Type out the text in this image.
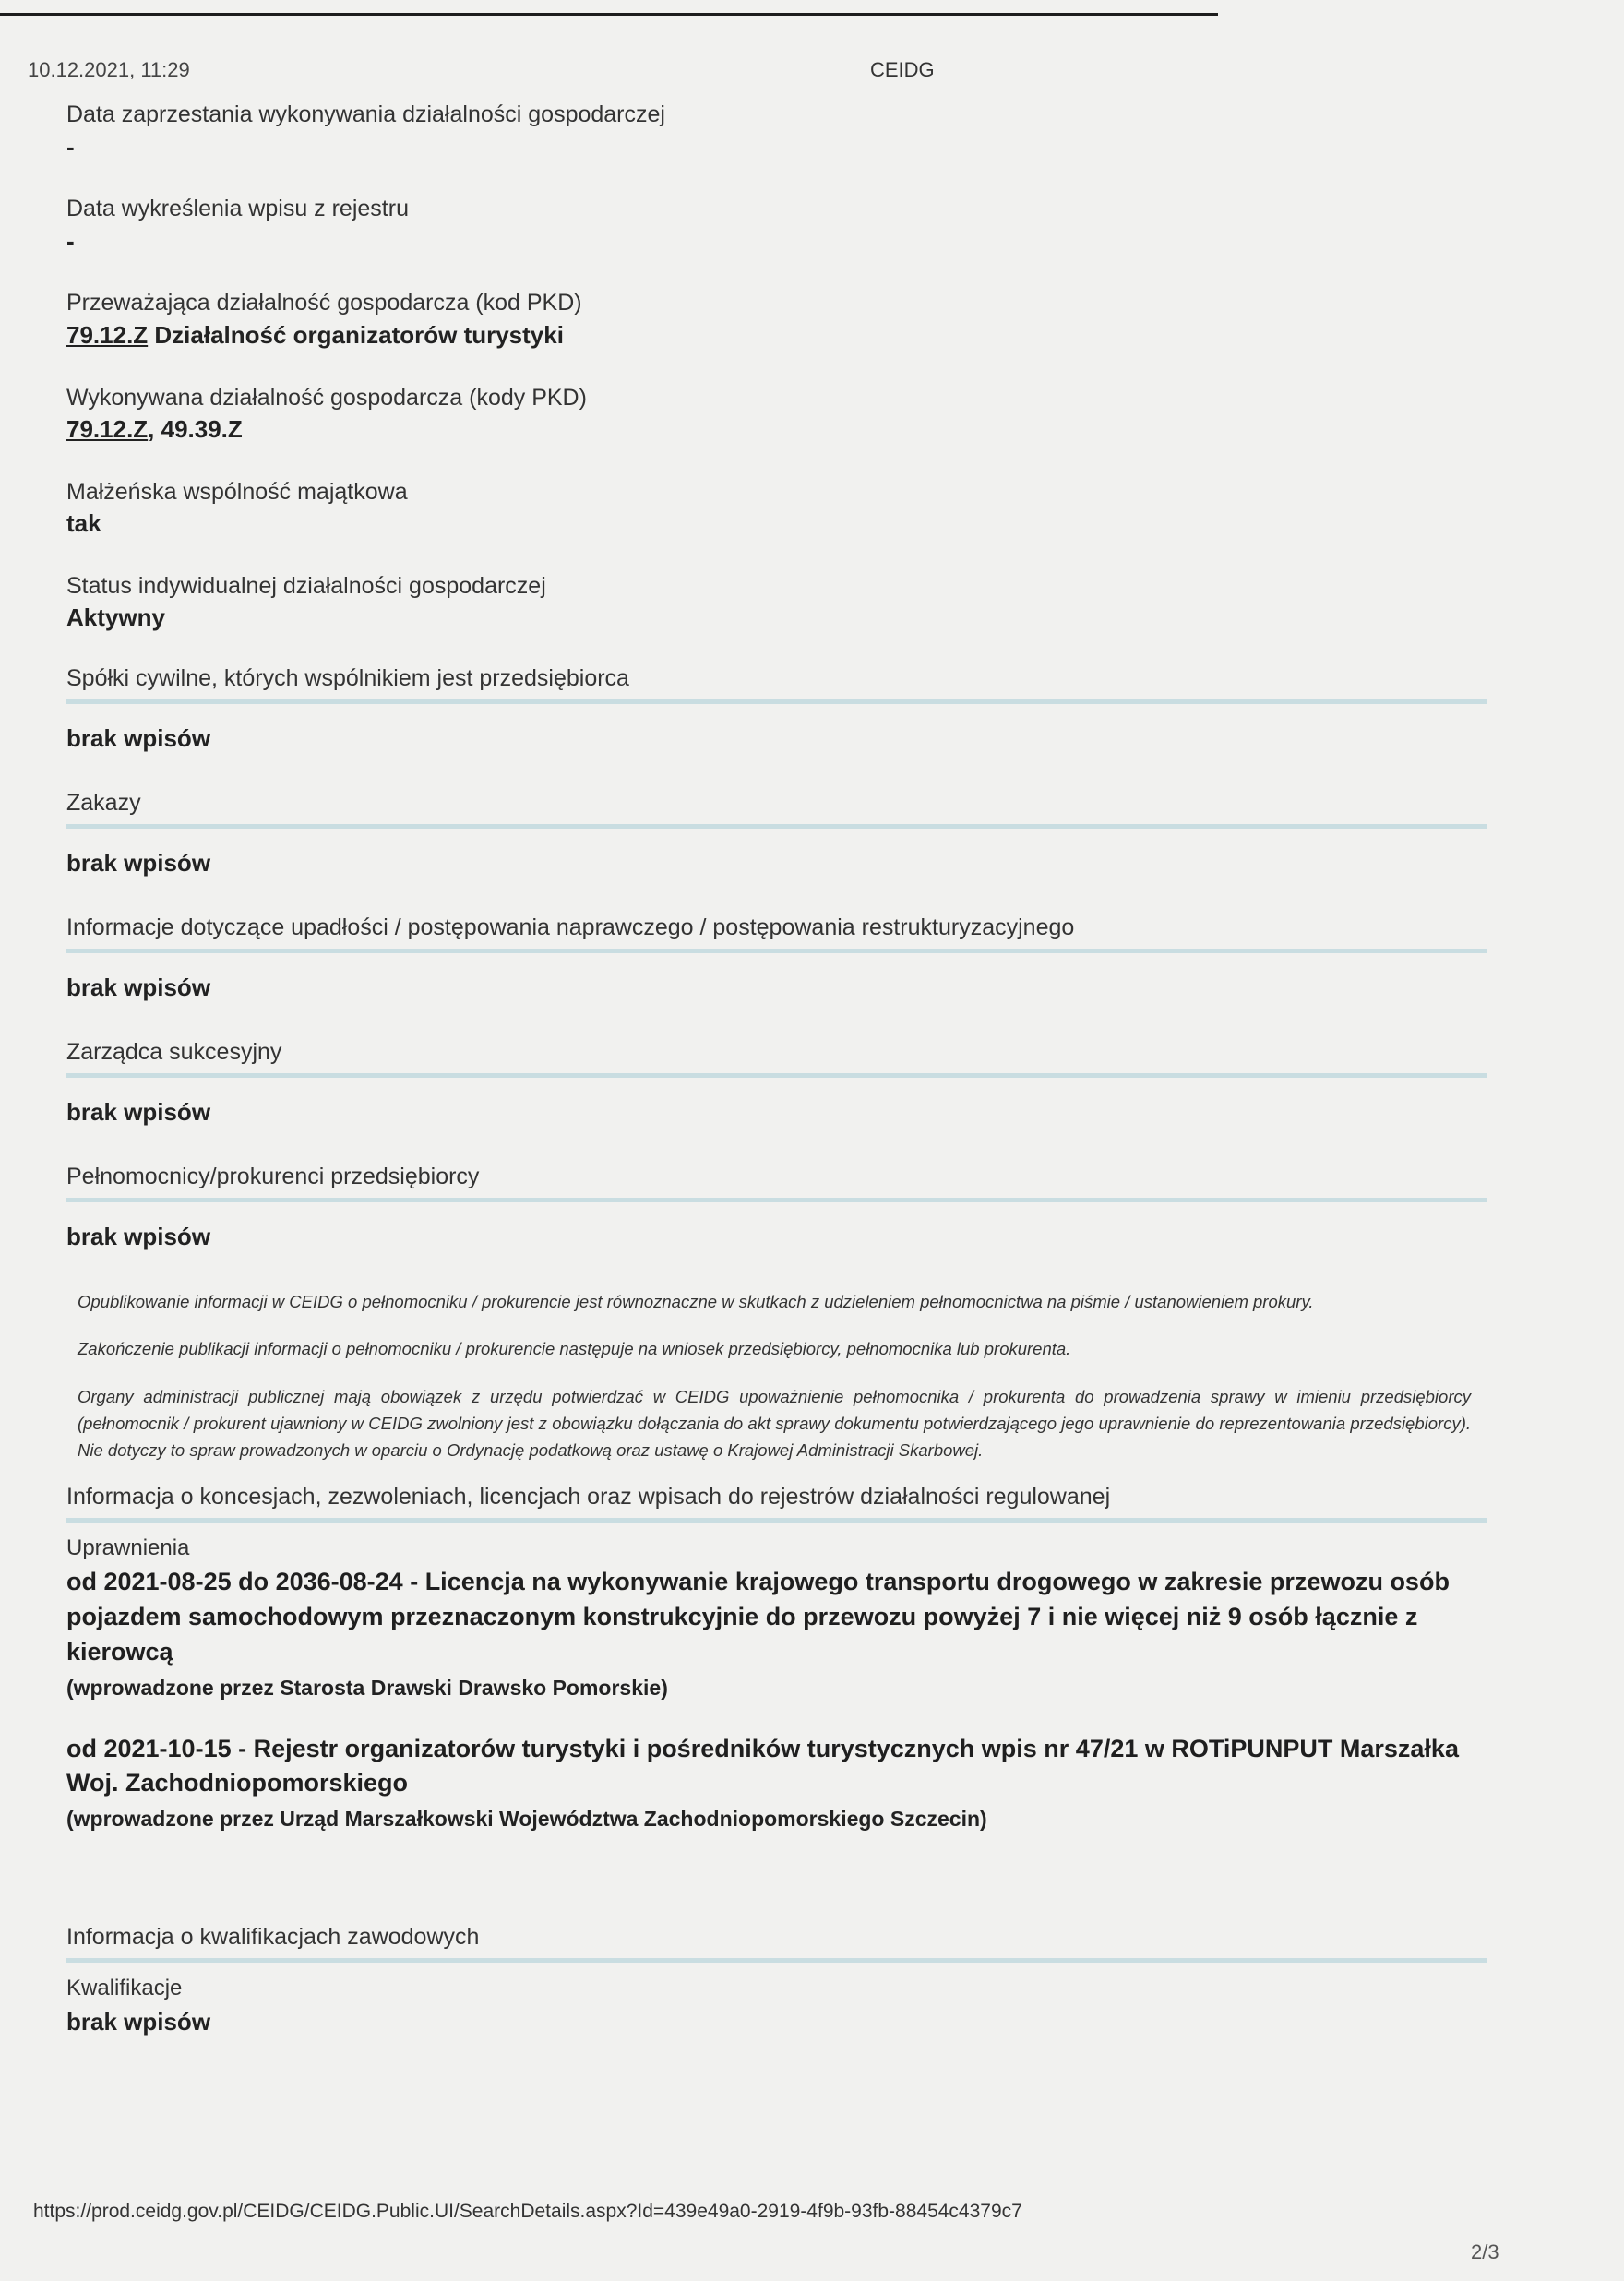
10.12.2021, 11:29	CEIDG
Data zaprzestania wykonywania działalności gospodarczej
-
Data wykreślenia wpisu z rejestru
-
Przeważająca działalność gospodarcza (kod PKD)
79.12.Z Działalność organizatorów turystyki
Wykonywana działalność gospodarcza (kody PKD)
79.12.Z, 49.39.Z
Małżeńska wspólność majątkowa
tak
Status indywidualnej działalności gospodarczej
Aktywny
Spółki cywilne, których wspólnikiem jest przedsiębiorca
brak wpisów
Zakazy
brak wpisów
Informacje dotyczące upadłości / postępowania naprawczego / postępowania restrukturyzacyjnego
brak wpisów
Zarządca sukcesyjny
brak wpisów
Pełnomocnicy/prokurenci przedsiębiorcy
brak wpisów

Opublikowanie informacji w CEIDG o pełnomocniku / prokurencie jest równoznaczne w skutkach z udzieleniem pełnomocnictwa na piśmie / ustanowieniem prokury.

Zakończenie publikacji informacji o pełnomocniku / prokurencie następuje na wniosek przedsiębiorcy, pełnomocnika lub prokurenta.

Organy administracji publicznej mają obowiązek z urzędu potwierdzać w CEIDG upoważnienie pełnomocnika / prokurenta do prowadzenia sprawy w imieniu przedsiębiorcy (pełnomocnik / prokurent ujawniony w CEIDG zwolniony jest z obowiązku dołączania do akt sprawy dokumentu potwierdzającego jego uprawnienie do reprezentowania przedsiębiorcy). Nie dotyczy to spraw prowadzonych w oparciu o Ordynację podatkową oraz ustawę o Krajowej Administracji Skarbowej.

Informacja o koncesjach, zezwoleniach, licencjach oraz wpisach do rejestrów działalności regulowanej
Uprawnienia
od 2021-08-25 do 2036-08-24 - Licencja na wykonywanie krajowego transportu drogowego w zakresie przewozu osób pojazdem samochodowym przeznaczonym konstrukcyjnie do przewozu powyżej 7 i nie więcej niż 9 osób łącznie z kierowcą
(wprowadzone przez Starosta Drawski Drawsko Pomorskie)
od 2021-10-15 - Rejestr organizatorów turystyki i pośredników turystycznych wpis nr 47/21 w ROTiPUNPUT Marszałka Woj. Zachodniopomorskiego
(wprowadzone przez Urząd Marszałkowski Województwa Zachodniopomorskiego Szczecin)
Informacja o kwalifikacjach zawodowych
Kwalifikacje
brak wpisów
https://prod.ceidg.gov.pl/CEIDG/CEIDG.Public.UI/SearchDetails.aspx?Id=439e49a0-2919-4f9b-93fb-88454c4379c7
2/3
